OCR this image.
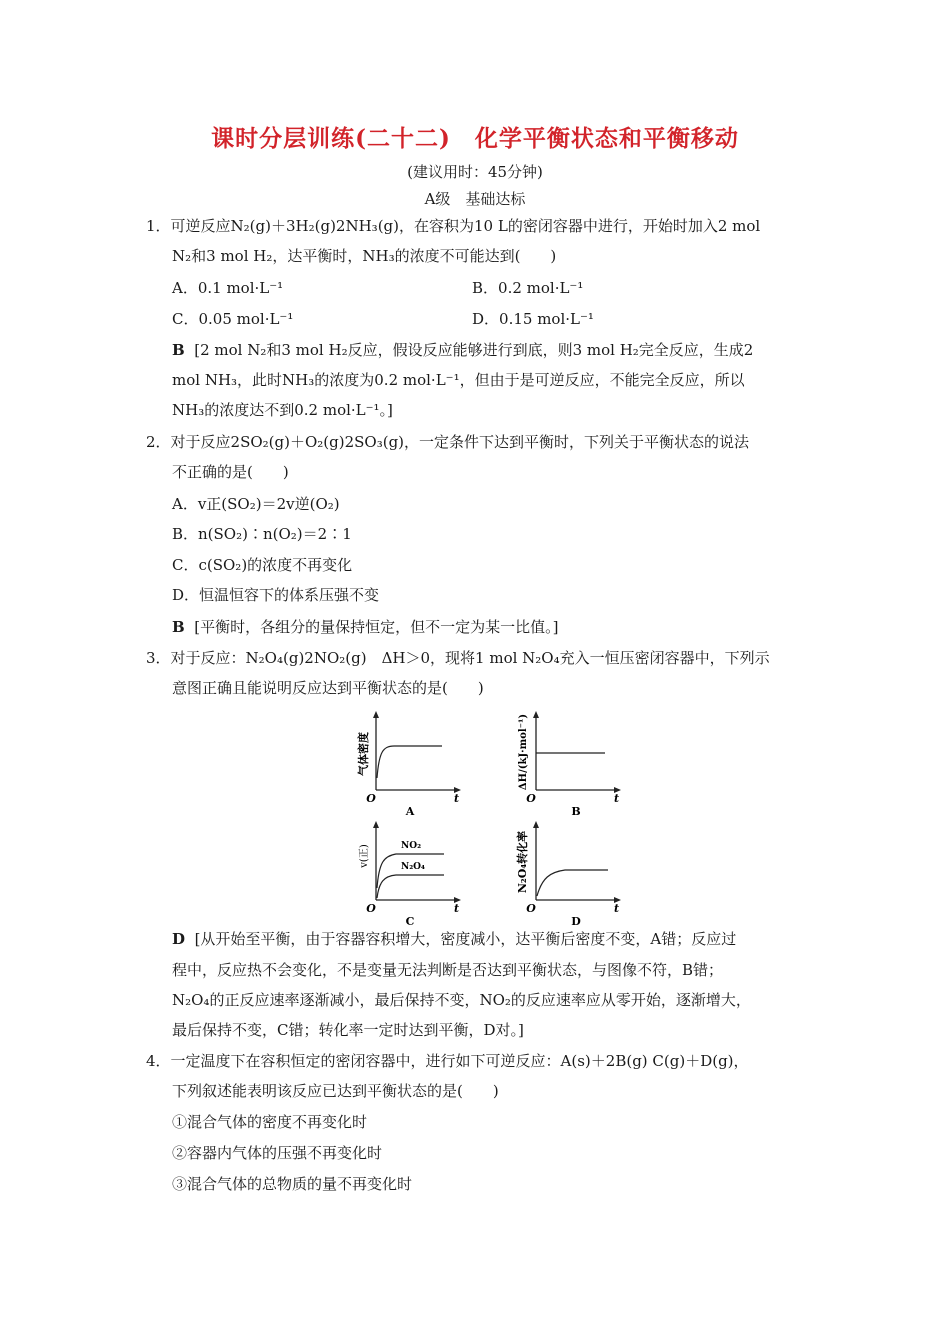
课时分层训练(二十二)　化学平衡状态和平衡移动
(建议用时：45分钟)
A级　基础达标
1．可逆反应N₂(g)＋3H₂(g)2NH₃(g)，在容积为10 L的密闭容器中进行，开始时加入2 mol
N₂和3 mol H₂，达平衡时，NH₃的浓度不可能达到(　　)
A．0.1 mol·L⁻¹	B．0.2 mol·L⁻¹
C．0.05 mol·L⁻¹	D．0.15 mol·L⁻¹
B [2 mol N₂和3 mol H₂反应，假设反应能够进行到底，则3 mol H₂完全反应，生成2
mol NH₃，此时NH₃的浓度为0.2 mol·L⁻¹，但由于是可逆反应，不能完全反应，所以
NH₃的浓度达不到0.2 mol·L⁻¹。]
2．对于反应2SO₂(g)＋O₂(g)2SO₃(g)，一定条件下达到平衡时，下列关于平衡状态的说法
不正确的是(　　)
A．v正(SO₂)＝2v逆(O₂)
B．n(SO₂)∶n(O₂)＝2∶1
C．c(SO₂)的浓度不再变化
D．恒温恒容下的体系压强不变
B [平衡时，各组分的量保持恒定，但不一定为某一比值。]
3．对于反应：N₂O₄(g)2NO₂(g)　ΔH＞0，现将1 mol N₂O₄充入一恒压密闭容器中，下列示
意图正确且能说明反应达到平衡状态的是(　　)
气体密度
O	t
A
ΔH/(kJ·mol⁻¹)
O	t
B
v(正)	NO₂
N₂O₄
O	t
C
N₂O₄转化率
O	t
D
D [从开始至平衡，由于容器容积增大，密度减小，达平衡后密度不变，A错；反应过
程中，反应热不会变化，不是变量无法判断是否达到平衡状态，与图像不符，B错；
N₂O₄的正反应速率逐渐减小，最后保持不变，NO₂的反应速率应从零开始，逐渐增大，
最后保持不变，C错；转化率一定时达到平衡，D对。]
4．一定温度下在容积恒定的密闭容器中，进行如下可逆反应：A(s)＋2B(g) C(g)＋D(g)，
下列叙述能表明该反应已达到平衡状态的是(　　)
①混合气体的密度不再变化时
②容器内气体的压强不再变化时
③混合气体的总物质的量不再变化时
